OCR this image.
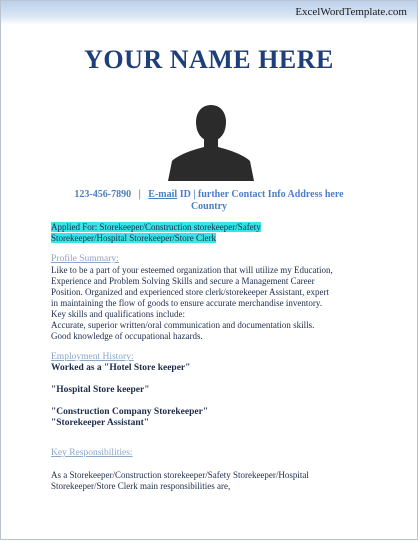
ExcelWordTemplate.com
YOUR NAME HERE
123-456-7890 | E-mail ID | further Contact Info Address here
Country
Applied For: Storekeeper/Construction storekeeper/Safety
Storekeeper/Hospital Storekeeper/Store Clerk
Profile Summary:
Like to be a part of your esteemed organization that will utilize my Education,
Experience and Problem Solving Skills and secure a Management Career
Position. Organized and experienced store clerk/storekeeper Assistant, expert
in maintaining the flow of goods to ensure accurate merchandise inventory.
Key skills and qualifications include:
Accurate, superior written/oral communication and documentation skills.
Good knowledge of occupational hazards.
Employment History:
Worked as a "Hotel Store keeper"
"Hospital Store keeper"
"Construction Company Storekeeper"
"Storekeeper Assistant"
Key Responsibilities:
As a Storekeeper/Construction storekeeper/Safety Storekeeper/Hospital
Storekeeper/Store Clerk main responsibilities are,
